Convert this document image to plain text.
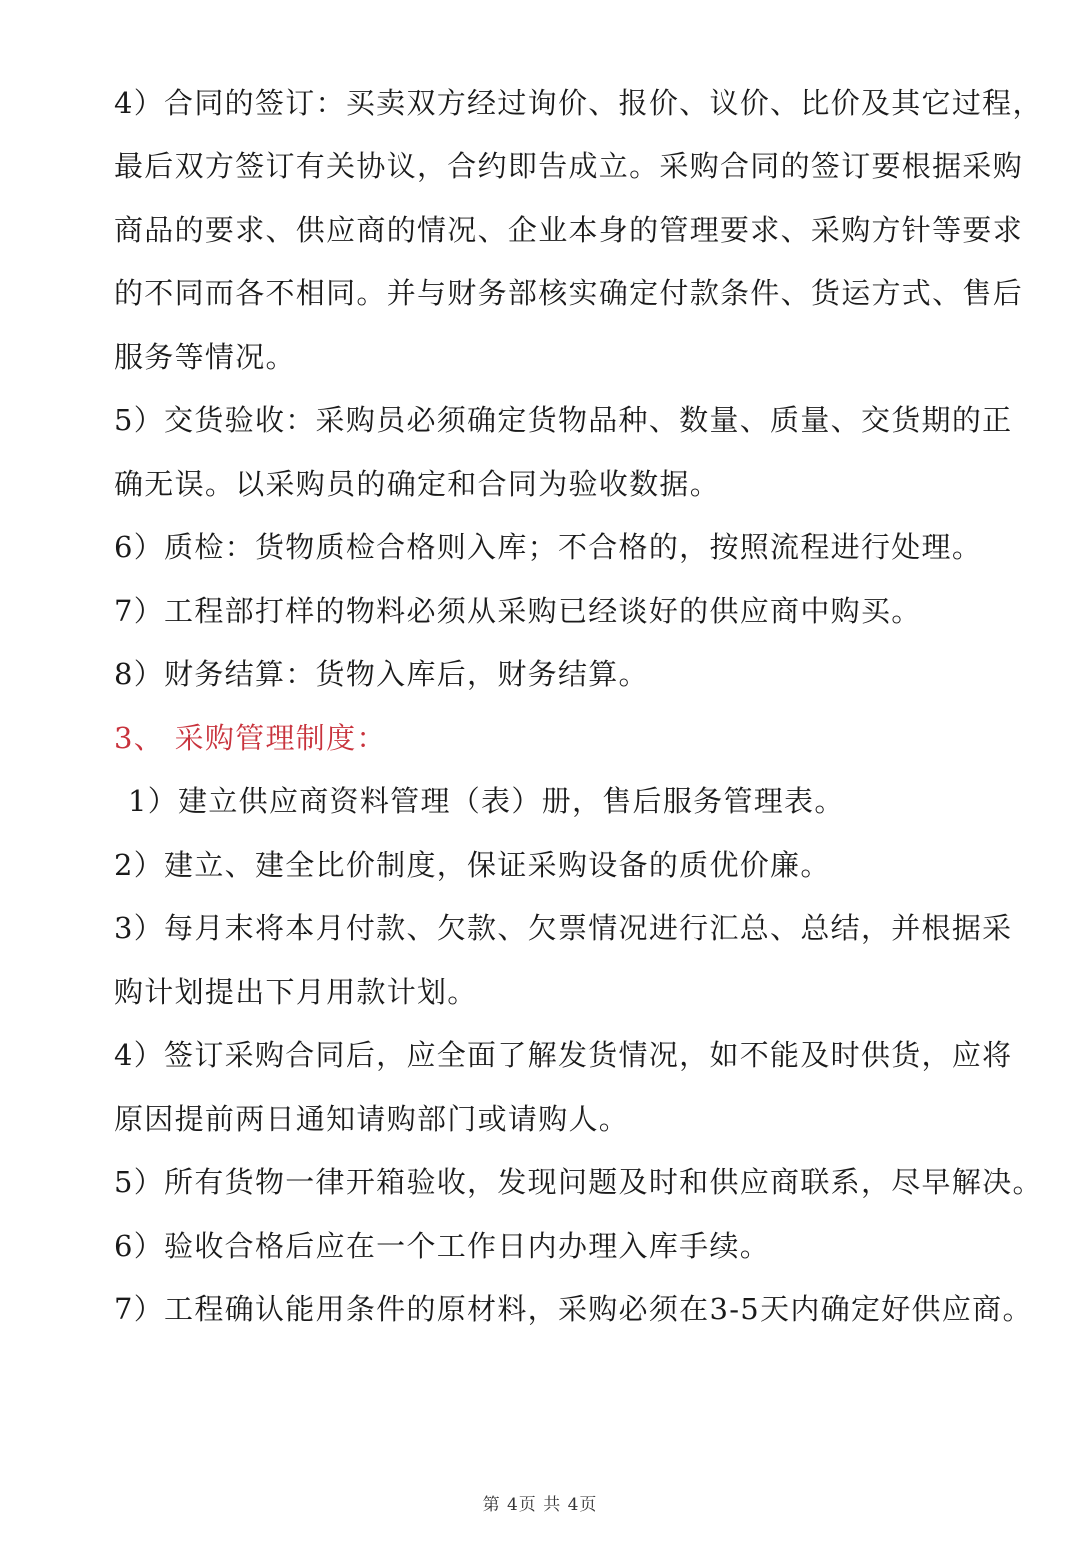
4）合同的签订：买卖双方经过询价、报价、议价、比价及其它过程，
最后双方签订有关协议，合约即告成立。采购合同的签订要根据采购
商品的要求、供应商的情况、企业本身的管理要求、采购方针等要求
的不同而各不相同。并与财务部核实确定付款条件、货运方式、售后
服务等情况。
5）交货验收：采购员必须确定货物品种、数量、质量、交货期的正
确无误。以采购员的确定和合同为验收数据。
6）质检：货物质检合格则入库；不合格的，按照流程进行处理。
7）工程部打样的物料必须从采购已经谈好的供应商中购买。
8）财务结算：货物入库后，财务结算。
3、 采购管理制度：
1）建立供应商资料管理（表）册，售后服务管理表。
2）建立、建全比价制度，保证采购设备的质优价廉。
3）每月末将本月付款、欠款、欠票情况进行汇总、总结，并根据采
购计划提出下月用款计划。
4）签订采购合同后，应全面了解发货情况，如不能及时供货，应将
原因提前两日通知请购部门或请购人。
5）所有货物一律开箱验收，发现问题及时和供应商联系，尽早解决。
6）验收合格后应在一个工作日内办理入库手续。
7）工程确认能用条件的原材料，采购必须在3-5天内确定好供应商。
第 4页 共 4页
